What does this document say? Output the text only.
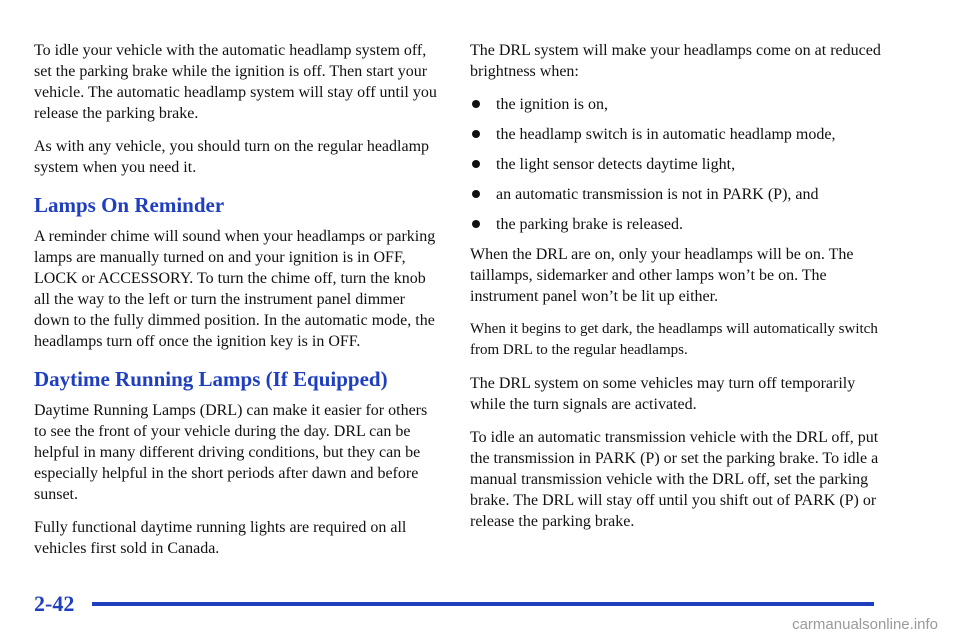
To idle your vehicle with the automatic headlamp system off, set the parking brake while the ignition is off. Then start your vehicle. The automatic headlamp system will stay off until you release the parking brake.

As with any vehicle, you should turn on the regular headlamp system when you need it.

Lamps On Reminder

A reminder chime will sound when your headlamps or parking lamps are manually turned on and your ignition is in OFF, LOCK or ACCESSORY. To turn the chime off, turn the knob all the way to the left or turn the instrument panel dimmer down to the fully dimmed position. In the automatic mode, the headlamps turn off once the ignition key is in OFF.

Daytime Running Lamps (If Equipped)

Daytime Running Lamps (DRL) can make it easier for others to see the front of your vehicle during the day. DRL can be helpful in many different driving conditions, but they can be especially helpful in the short periods after dawn and before sunset.

Fully functional daytime running lights are required on all vehicles first sold in Canada.

The DRL system will make your headlamps come on at reduced brightness when:

the ignition is on,
the headlamp switch is in automatic headlamp mode,
the light sensor detects daytime light,
an automatic transmission is not in PARK (P), and
the parking brake is released.

When the DRL are on, only your headlamps will be on. The taillamps, sidemarker and other lamps won’t be on. The instrument panel won’t be lit up either.

When it begins to get dark, the headlamps will automatically switch from DRL to the regular headlamps.

The DRL system on some vehicles may turn off temporarily while the turn signals are activated.

To idle an automatic transmission vehicle with the DRL off, put the transmission in PARK (P) or set the parking brake. To idle a manual transmission vehicle with the DRL off, set the parking brake. The DRL will stay off until you shift out of PARK (P) or release the parking brake.

2-42
carmanualsonline.info
